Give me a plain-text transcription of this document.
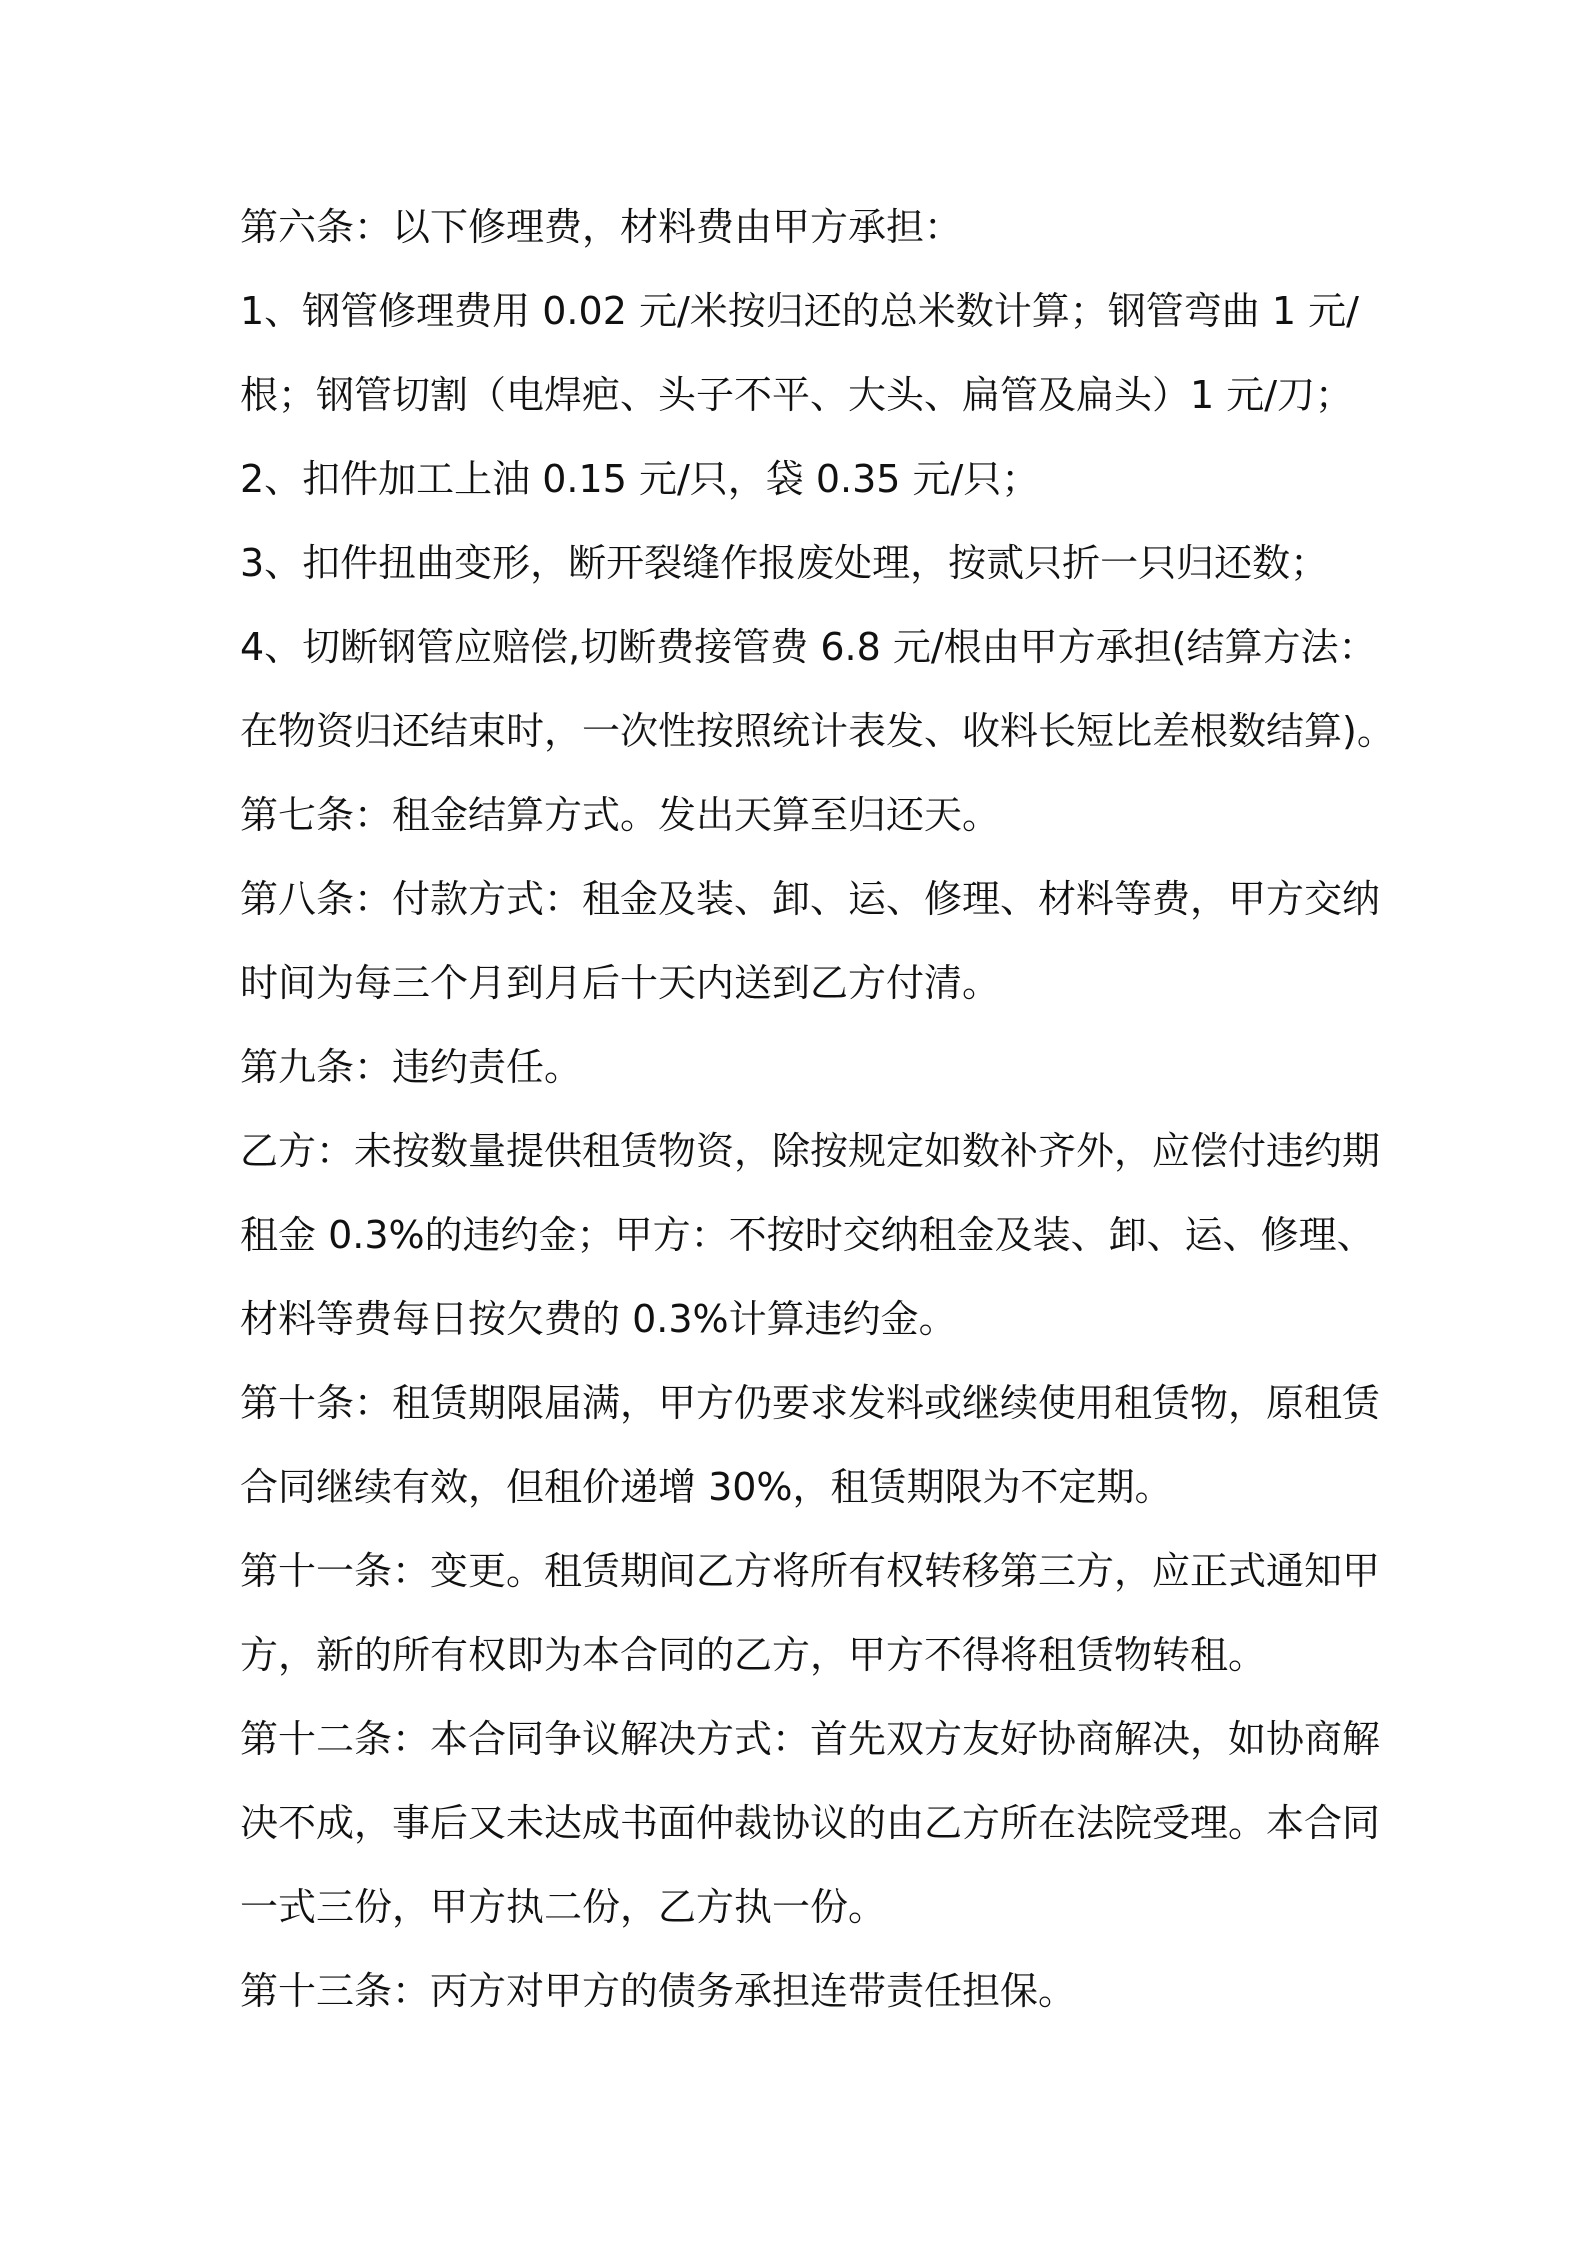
第六条：以下修理费，材料费由甲方承担：
1、钢管修理费用 0.02 元/米按归还的总米数计算；钢管弯曲 1 元/
根；钢管切割（电焊疤、头子不平、大头、扁管及扁头）1 元/刀；
2、扣件加工上油 0.15 元/只，袋 0.35 元/只；
3、扣件扭曲变形，断开裂缝作报废处理，按贰只折一只归还数；
4、切断钢管应赔偿,切断费接管费 6.8 元/根由甲方承担(结算方法：
在物资归还结束时，一次性按照统计表发、收料长短比差根数结算)。
第七条：租金结算方式。发出天算至归还天。
第八条：付款方式：租金及装、卸、运、修理、材料等费，甲方交纳
时间为每三个月到月后十天内送到乙方付清。
第九条：违约责任。
乙方：未按数量提供租赁物资，除按规定如数补齐外，应偿付违约期
租金 0.3%的违约金；甲方：不按时交纳租金及装、卸、运、修理、
材料等费每日按欠费的 0.3%计算违约金。
第十条：租赁期限届满，甲方仍要求发料或继续使用租赁物，原租赁
合同继续有效，但租价递增 30%，租赁期限为不定期。
第十一条：变更。租赁期间乙方将所有权转移第三方，应正式通知甲
方，新的所有权即为本合同的乙方，甲方不得将租赁物转租。
第十二条：本合同争议解决方式：首先双方友好协商解决，如协商解
决不成，事后又未达成书面仲裁协议的由乙方所在法院受理。本合同
一式三份，甲方执二份，乙方执一份。
第十三条：丙方对甲方的债务承担连带责任担保。
